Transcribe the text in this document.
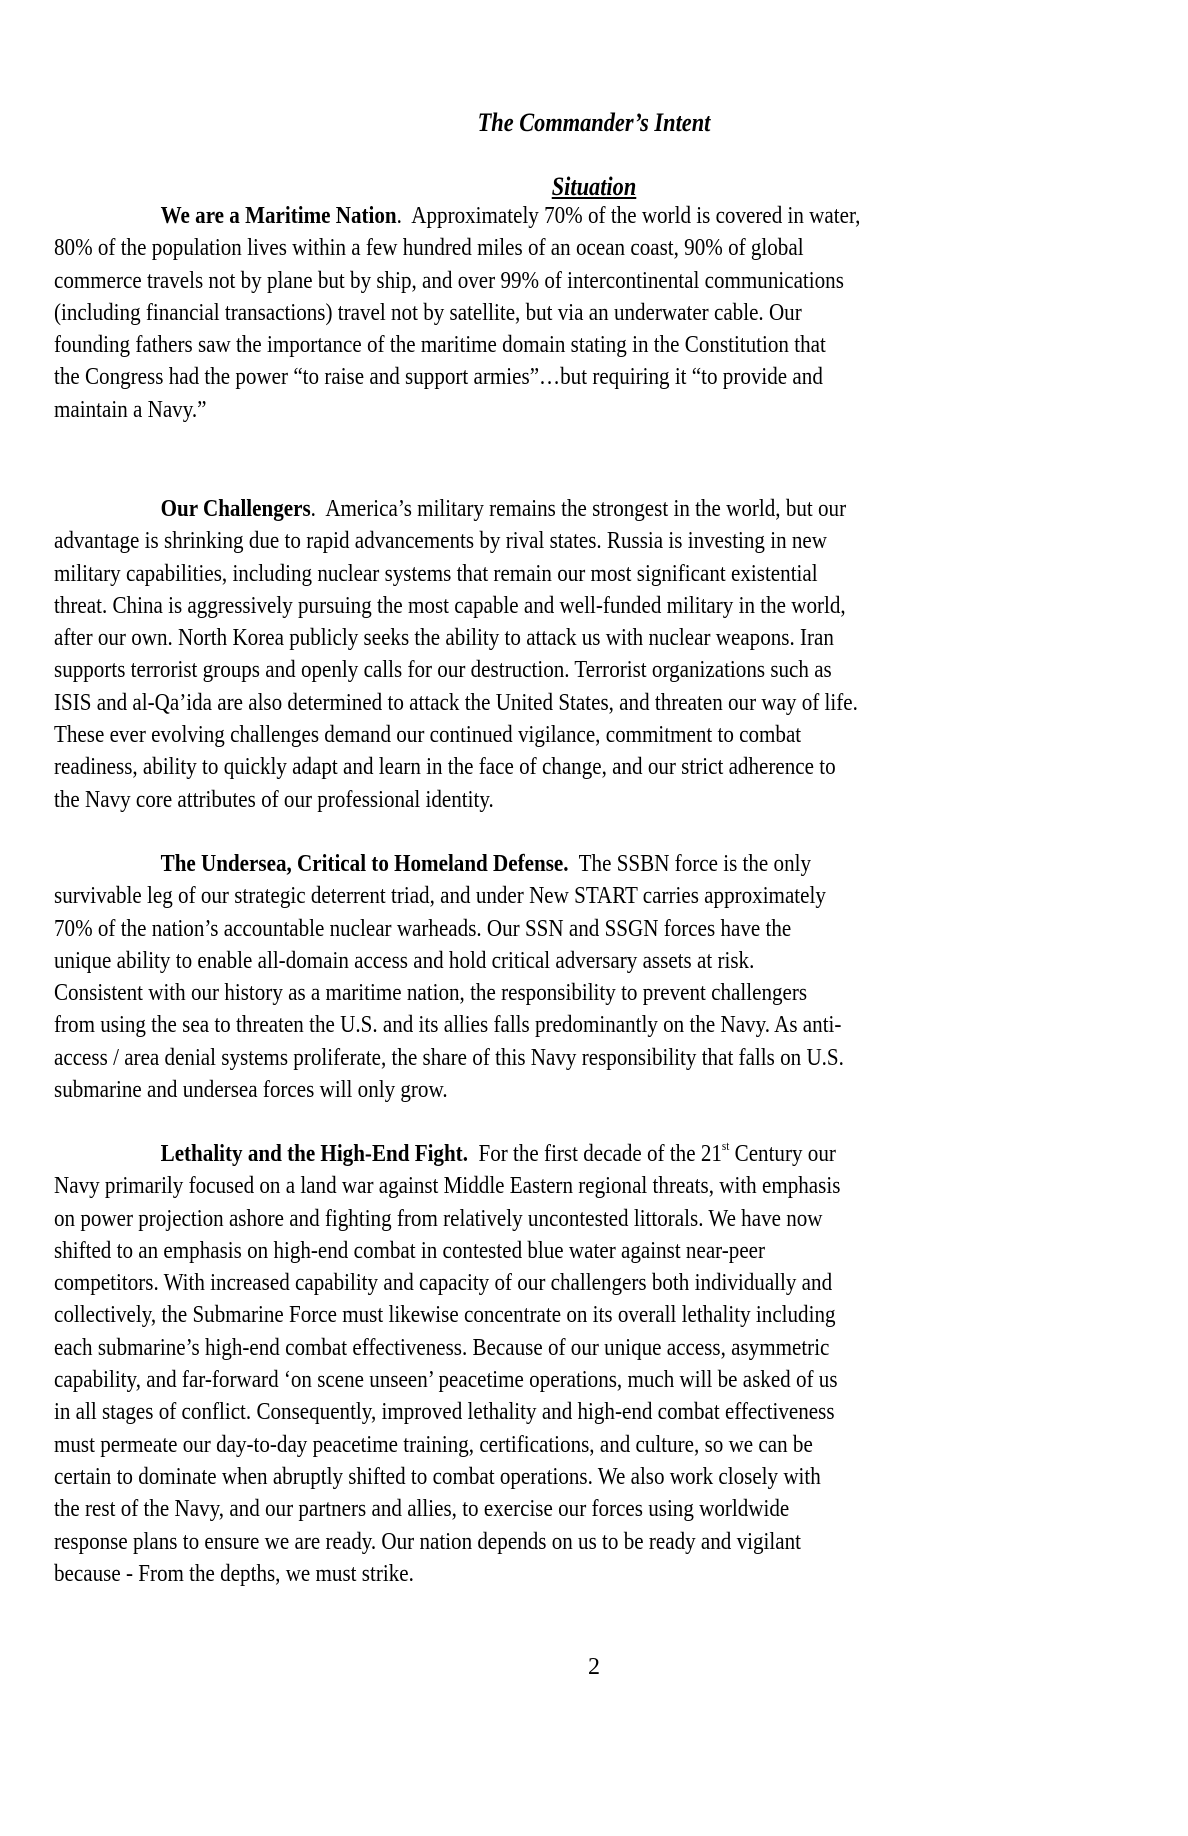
The Commander’s Intent
Situation
We are a Maritime Nation.  Approximately 70% of the world is covered in water,
80% of the population lives within a few hundred miles of an ocean coast, 90% of global
commerce travels not by plane but by ship, and over 99% of intercontinental communications
(including financial transactions) travel not by satellite, but via an underwater cable. Our
founding fathers saw the importance of the maritime domain stating in the Constitution that
the Congress had the power “to raise and support armies”…but requiring it “to provide and
maintain a Navy.”
Our Challengers.  America’s military remains the strongest in the world, but our
advantage is shrinking due to rapid advancements by rival states. Russia is investing in new
military capabilities, including nuclear systems that remain our most significant existential
threat. China is aggressively pursuing the most capable and well-funded military in the world,
after our own. North Korea publicly seeks the ability to attack us with nuclear weapons. Iran
supports terrorist groups and openly calls for our destruction. Terrorist organizations such as
ISIS and al-Qa’ida are also determined to attack the United States, and threaten our way of life.
These ever evolving challenges demand our continued vigilance, commitment to combat
readiness, ability to quickly adapt and learn in the face of change, and our strict adherence to
the Navy core attributes of our professional identity.
The Undersea, Critical to Homeland Defense.  The SSBN force is the only
survivable leg of our strategic deterrent triad, and under New START carries approximately
70% of the nation’s accountable nuclear warheads. Our SSN and SSGN forces have the
unique ability to enable all-domain access and hold critical adversary assets at risk.
Consistent with our history as a maritime nation, the responsibility to prevent challengers
from using the sea to threaten the U.S. and its allies falls predominantly on the Navy. As anti-
access / area denial systems proliferate, the share of this Navy responsibility that falls on U.S.
submarine and undersea forces will only grow.
Lethality and the High-End Fight.  For the first decade of the 21st Century our
Navy primarily focused on a land war against Middle Eastern regional threats, with emphasis
on power projection ashore and fighting from relatively uncontested littorals. We have now
shifted to an emphasis on high-end combat in contested blue water against near-peer
competitors. With increased capability and capacity of our challengers both individually and
collectively, the Submarine Force must likewise concentrate on its overall lethality including
each submarine’s high-end combat effectiveness. Because of our unique access, asymmetric
capability, and far-forward ‘on scene unseen’ peacetime operations, much will be asked of us
in all stages of conflict. Consequently, improved lethality and high-end combat effectiveness
must permeate our day-to-day peacetime training, certifications, and culture, so we can be
certain to dominate when abruptly shifted to combat operations. We also work closely with
the rest of the Navy, and our partners and allies, to exercise our forces using worldwide
response plans to ensure we are ready. Our nation depends on us to be ready and vigilant
because - From the depths, we must strike.
2
